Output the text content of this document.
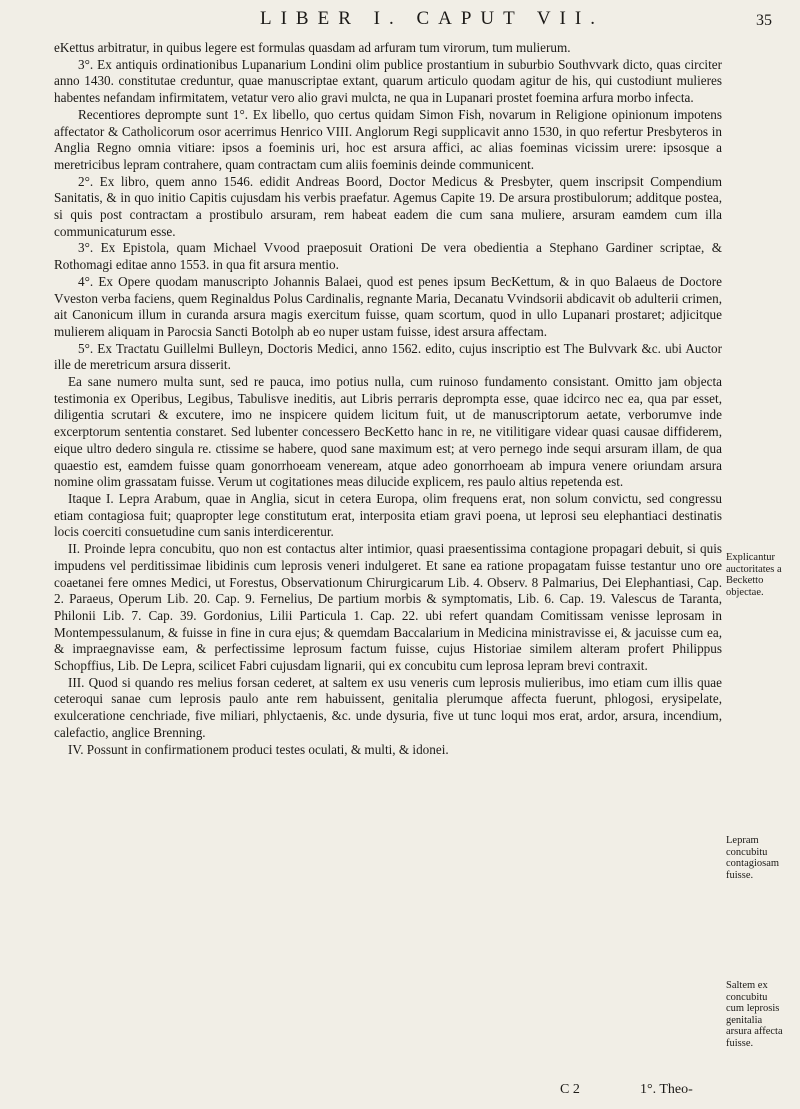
LIBER I. CAPUT VII.	35

eKettus arbitratur, in quibus legere est formulas quasdam ad arfuram tum virorum, tum mulierum.

3°. Ex antiquis ordinationibus Lupanarium Londini olim publice prostantium in suburbio Southvvark dicto, quas circiter anno 1430. constitutae creduntur, quae manuscriptae extant, quarum articulo quodam agitur de his, qui custodiunt mulieres habentes nefandam infirmitatem, vetatur vero alio gravi mulcta, ne qua in Lupanari prostet foemina arfura morbo infecta.

Recentiores deprompte sunt 1°. Ex libello, quo certus quidam Simon Fish, novarum in Religione opinionum impotens affectator & Catholicorum osor acerrimus Henrico VIII. Anglorum Regi supplicavit anno 1530, in quo refertur Presbyteros in Anglia Regno omnia vitiare: ipsos a foeminis uri, hoc est arsura affici, ac alias foeminas vicissim urere: ipsosque a meretricibus lepram contrahere, quam contractam cum aliis foeminis deinde communicent.

2°. Ex libro, quem anno 1546. edidit Andreas Boord, Doctor Medicus & Presbyter, quem inscripsit Compendium Sanitatis, & in quo initio Capitis cujusdam his verbis praefatur. Agemus Capite 19. De arsura prostibulorum; additque postea, si quis post contractam a prostibulo arsuram, rem habeat eadem die cum sana muliere, arsuram eamdem cum illa communicaturum esse.

3°. Ex Epistola, quam Michael Vvood praeposuit Orationi De vera obedientia a Stephano Gardiner scriptae, & Rothomagi editae anno 1553. in qua fit arsura mentio.

4°. Ex Opere quodam manuscripto Johannis Balaei, quod est penes ipsum BecKettum, & in quo Balaeus de Doctore Vveston verba faciens, quem Reginaldus Polus Cardinalis, regnante Maria, Decanatu Vvindsorii abdicavit ob adulterii crimen, ait Canonicum illum in curanda arsura magis exercitum fuisse, quam scortum, quod in ullo Lupanari prostaret; adjicitque mulierem aliquam in Parocsia Sancti Botolph ab eo nuper ustam fuisse, idest arsura affectam.

5°. Ex Tractatu Guillelmi Bulleyn, Doctoris Medici, anno 1562. edito, cujus inscriptio est The Bulvvark &c. ubi Auctor ille de meretricum arsura disserit.

Ea sane numero multa sunt, sed re pauca, imo potius nulla, cum ruinoso fundamento consistant. Omitto jam objecta testimonia ex Operibus, Legibus, Tabulisve ineditis, aut Libris perraris deprompta esse, quae idcirco nec ea, qua par esset, diligentia scrutari & excutere, imo ne inspicere quidem licitum fuit, ut de manuscriptorum aetate, verborumve inde excerptorum sententia constaret. Sed lubenter concessero BecKetto hanc in re, ne vitilitigare videar quasi causae diffiderem, eique ultro dedero singula re. ctissime se habere, quod sane maximum est; at vero pernego inde sequi arsuram illam, de qua quaestio est, eamdem fuisse quam gonorrhoeam veneream, atque adeo gonorrhoeam ab impura venere oriundam arsura nomine olim grassatam fuisse. Verum ut cogitationes meas dilucide explicem, res paulo altius repetenda est.

Itaque I. Lepra Arabum, quae in Anglia, sicut in cetera Europa, olim frequens erat, non solum convictu, sed congressu etiam contagiosa fuit; quapropter lege constitutum erat, interposita etiam gravi poena, ut leprosi seu elephantiaci destinatis locis coerciti consuetudine cum sanis interdicerentur.

II. Proinde lepra concubitu, quo non est contactus alter intimior, quasi praesentissima contagione propagari debuit, si quis impudens vel perditissimae libidinis cum leprosis veneri indulgeret. Et sane ea ratione propagatam fuisse testantur uno ore coaetanei fere omnes Medici, ut Forestus, Observationum Chirurgicarum Lib. 4. Observ. 8 Palmarius, Dei Elephantiasi, Cap. 2. Paraeus, Operum Lib. 20. Cap. 9. Fernelius, De partium morbis & symptomatis, Lib. 6. Cap. 19. Valescus de Taranta, Philonii Lib. 7. Cap. 39. Gordonius, Lilii Particula 1. Cap. 22. ubi refert quandam Comitissam venisse leprosam in Montempessulanum, & fuisse in fine in cura ejus; & quemdam Baccalarium in Medicina ministravisse ei, & jacuisse cum ea, & impraegnavisse eam, & perfectissime leprosum factum fuisse, cujus Historiae similem alteram profert Philippus Schopffius, Lib. De Lepra, scilicet Fabri cujusdam lignarii, qui ex concubitu cum leprosa lepram brevi contraxit.

III. Quod si quando res melius forsan cederet, at saltem ex usu veneris cum leprosis mulieribus, imo etiam cum illis quae ceteroqui sanae cum leprosis paulo ante rem habuissent, genitalia plerumque affecta fuerunt, phlogosi, erysipelate, exulceratione cenchriade, five miliari, phlyctaenis, &c. unde dysuria, five ut tunc loqui mos erat, ardor, arsura, incendium, calefactio, anglice Brenning.

IV. Possunt in confirmationem produci testes oculati, & multi, & idonei.

Explicantur auctoritates a Becketto objectae.
Lepram concubitu contagiosam fuisse.
Saltem ex concubitu cum leprosis genitalia arsura affecta fuisse.
C 2	1°. Theo-
